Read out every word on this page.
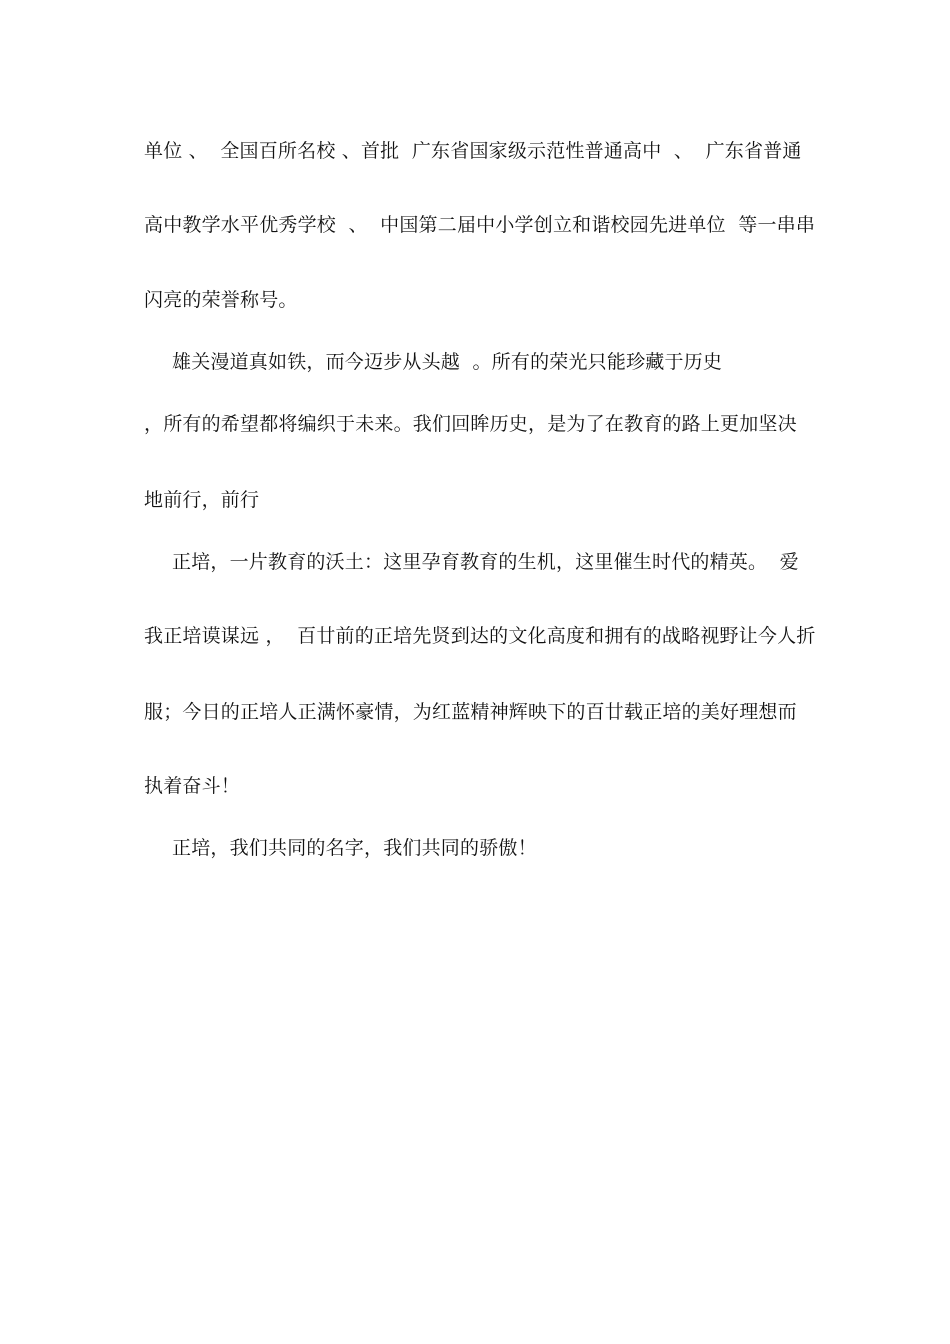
单位 、  全国百所名校 、首批  广东省国家级示范性普通高中  、  广东省普通
高中教学水平优秀学校  、  中国第二届中小学创立和谐校园先进单位  等一串串
闪亮的荣誉称号。
雄关漫道真如铁，而今迈步从头越  。所有的荣光只能珍藏于历史
，所有的希望都将编织于未来。我们回眸历史，是为了在教育的路上更加坚决
地前行，前行
正培，一片教育的沃土：这里孕育教育的生机，这里催生时代的精英。  爱
我正培谟谋远 ，  百廿前的正培先贤到达的文化高度和拥有的战略视野让今人折
服；今日的正培人正满怀豪情，为红蓝精神辉映下的百廿载正培的美好理想而
执着奋斗！
正培，我们共同的名字，我们共同的骄傲！
